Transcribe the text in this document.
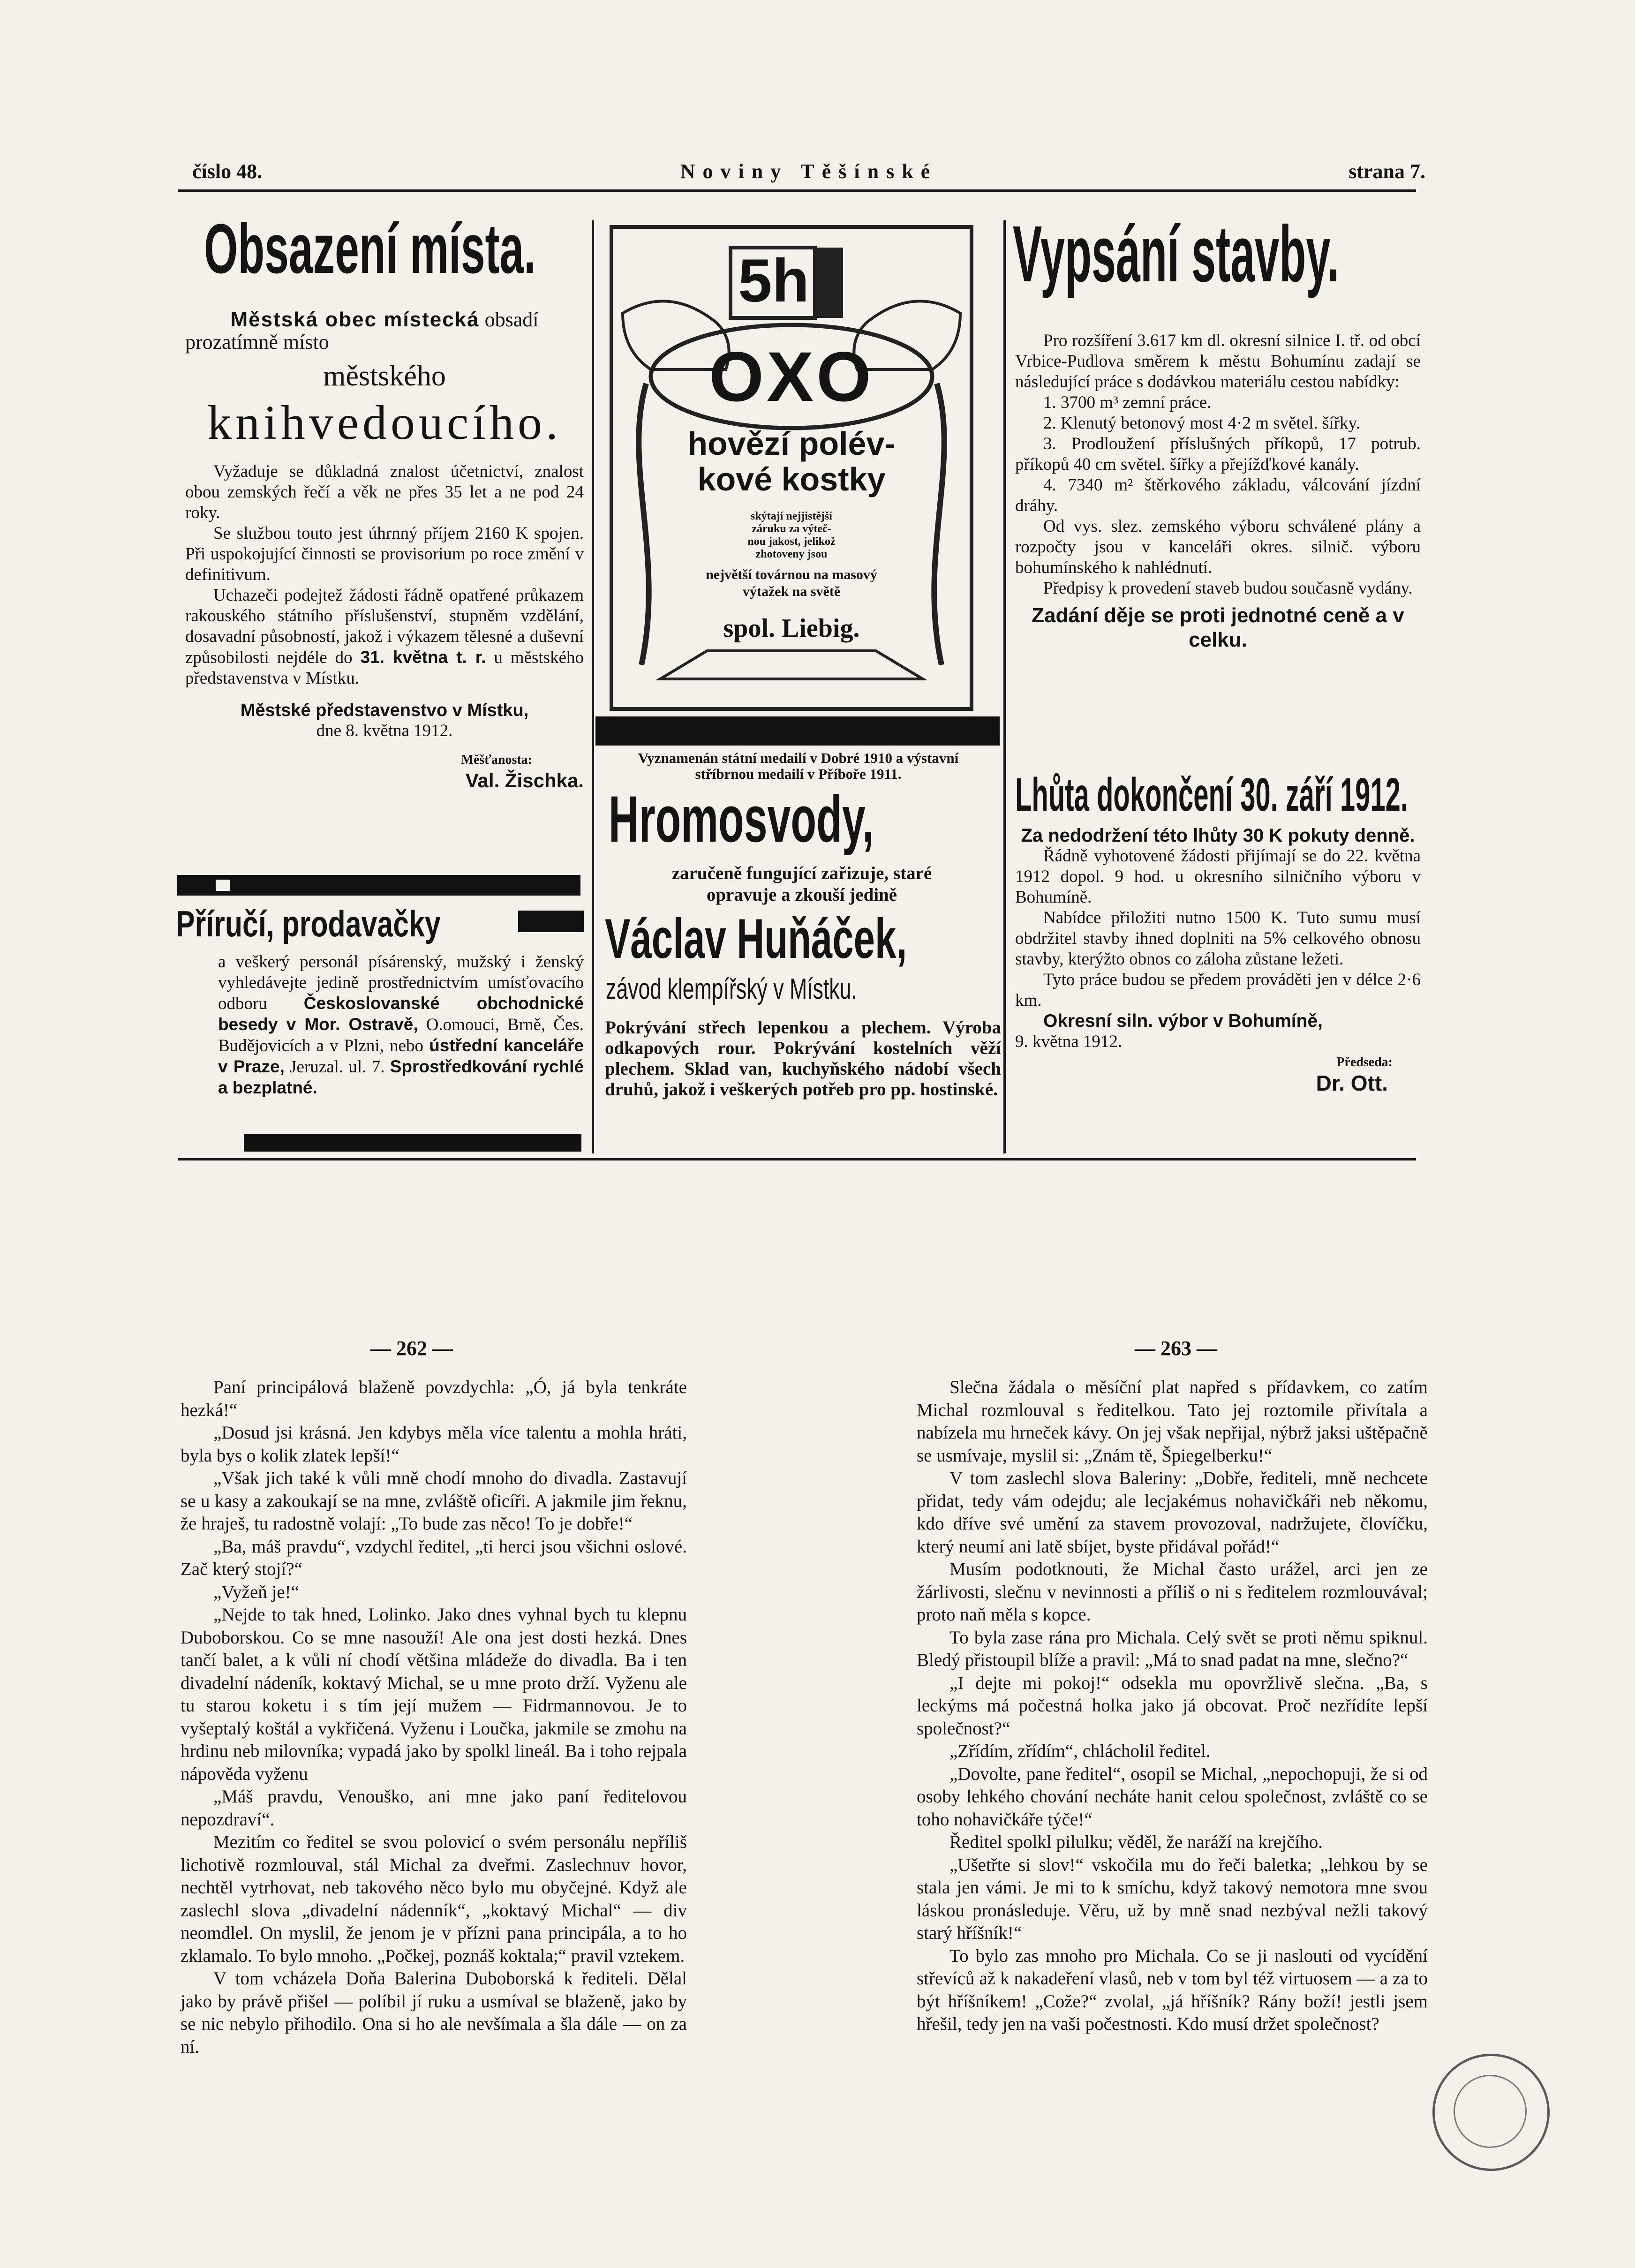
číslo 48.	Noviny Těšínské	strana 7.
Obsazení místa.

Městská obec místecká obsadí

prozatímně místo

městského

knihvedoucího.

Vyžaduje se důkladná znalost účetnictví, znalost obou zemských řečí a věk ne přes 35 let a ne pod 24 roky.

Se službou touto jest úhrnný příjem 2160 K spojen. Při uspokojující činnosti se provisorium po roce změní v definitivum.

Uchazeči podejtež žádosti řádně opatřené průkazem rakouského státního příslušenství, stupněm vzdělání, dosavadní působností, jakož i výkazem tělesné a duševní způsobilosti nejdéle do 31. května t. r. u městského představenstva v Místku.

Městské představenstvo v Místku,

dne 8. května 1912.

Měšťanosta:

Val. Žischka.

Příručí, prodavačky

a veškerý personál písárenský, mužský i ženský vyhledávejte jedině prostřednictvím umísťovacího odboru Českoslovanské obchodnické besedy v Mor. Ostravě, O.omouci, Brně, Čes. Budějovicích a v Plzni, nebo ústřední kanceláře v Praze, Jeruzal. ul. 7. Sprostředkování rychlé a bezplatné.

5h
OXO
hovězí polév-
kové kostky
skýtají nejjistější
záruku za výteč-
nou jakost, jelikož
zhotoveny jsou
největší továrnou na masový
výtažek na světě
spol. Liebig.

Vyznamenán státní medailí v Dobré 1910 a výstavní

stříbrnou medailí v Příboře 1911.

Hromosvody,

zaručeně fungující zařizuje, staré

opravuje a zkouší jedině

Václav Huňáček,
závod klempířský v Místku.

Pokrývání střech lepenkou a plechem. Výroba odkapových rour. Pokrývání kostelních věží plechem. Sklad van, kuchyňského nádobí všech druhů, jakož i veškerých potřeb pro pp. hostinské.

Vypsání stavby.

Pro rozšíření 3.617 km dl. okresní silnice I. tř. od obcí Vrbice-Pudlova směrem k městu Bohumínu zadají se následující práce s dodávkou materiálu cestou nabídky:

1. 3700 m³ zemní práce.

2. Klenutý betonový most 4·2 m světel. šířky.

3. Prodloužení příslušných příkopů, 17 potrub. příkopů 40 cm světel. šířky a přejížďkové kanály.

4. 7340 m² štěrkového základu, válcování jízdní dráhy.

Od vys. slez. zemského výboru schválené plány a rozpočty jsou v kanceláři okres. silnič. výboru bohumínského k nahlédnutí.

Předpisy k provedení staveb budou současně vydány.

Zadání děje se proti jednotné ceně a v celku.

Lhůta dokončení 30. září 1912.

Za nedodržení této lhůty 30 K pokuty denně.

Řádně vyhotovené žádosti přijímají se do 22. května 1912 dopol. 9 hod. u okresního silničního výboru v Bohumíně.

Nabídce přiložiti nutno 1500 K. Tuto sumu musí obdržitel stavby ihned doplniti na 5% celkového obnosu stavby, kterýžto obnos co záloha zůstane ležeti.

Tyto práce budou se předem prováděti jen v délce 2·6 km.

Okresní siln. výbor v Bohumíně,

9. května 1912.

Předseda:

Dr. Ott.

— 262 —	— 263 —

Paní principálová blaženě povzdychla: „Ó, já byla tenkráte hezká!“

„Dosud jsi krásná. Jen kdybys měla více talentu a mohla hráti, byla bys o kolik zlatek lepší!“

„Však jich také k vůli mně chodí mnoho do divadla. Zastavují se u kasy a zakoukají se na mne, zvláště oficíři. A jakmile jim řeknu, že hraješ, tu radostně volají: „To bude zas něco! To je dobře!“

„Ba, máš pravdu“, vzdychl ředitel, „ti herci jsou všichni oslové. Zač který stojí?“

„Vyžeň je!“

„Nejde to tak hned, Lolinko. Jako dnes vyhnal bych tu klepnu Duboborskou. Co se mne nasouží! Ale ona jest dosti hezká. Dnes tančí balet, a k vůli ní chodí většina mládeže do divadla. Ba i ten divadelní nádeník, koktavý Michal, se u mne proto drží. Vyženu ale tu starou koketu i s tím její mužem — Fidrmannovou. Je to vyšeptalý koštál a vykřičená. Vyženu i Loučka, jakmile se zmohu na hrdinu neb milovníka; vypadá jako by spolkl lineál. Ba i toho rejpala nápověda vyženu

„Máš pravdu, Venouško, ani mne jako paní ředitelovou nepozdraví“.

Mezitím co ředitel se svou polovicí o svém personálu nepříliš lichotivě rozmlouval, stál Michal za dveřmi. Zaslechnuv hovor, nechtěl vytrhovat, neb takového něco bylo mu obyčejné. Když ale zaslechl slova „divadelní nádenník“, „koktavý Michal“ — div neomdlel. On myslil, že jenom je v přízni pana principála, a to ho zklamalo. To bylo mnoho. „Počkej, poznáš koktala;“ pravil vztekem.

V tom vcházela Doňa Balerina Duboborská k řediteli. Dělal jako by právě přišel — políbil jí ruku a usmíval se blaženě, jako by se nic nebylo přihodilo. Ona si ho ale nevšímala a šla dále — on za ní.

Slečna žádala o měsíční plat napřed s přídavkem, co zatím Michal rozmlouval s ředitelkou. Tato jej roztomile přivítala a nabízela mu hrneček kávy. On jej však nepřijal, nýbrž jaksi uštěpačně se usmívaje, myslil si: „Znám tě, Špiegelberku!“

V tom zaslechl slova Baleriny: „Dobře, řediteli, mně nechcete přidat, tedy vám odejdu; ale lecjakémus nohavičkáři neb někomu, kdo dříve své umění za stavem provozoval, nadržujete, človíčku, který neumí ani latě sbíjet, byste přidával pořád!“

Musím podotknouti, že Michal často urážel, arci jen ze žárlivosti, slečnu v nevinnosti a příliš o ni s ředitelem rozmlouvával; proto naň měla s kopce.

To byla zase rána pro Michala. Celý svět se proti němu spiknul. Bledý přistoupil blíže a pravil: „Má to snad padat na mne, slečno?“

„I dejte mi pokoj!“ odsekla mu opovržlivě slečna. „Ba, s leckýms má počestná holka jako já obcovat. Proč nezřídíte lepší společnost?“

„Zřídím, zřídím“, chlácholil ředitel.

„Dovolte, pane ředitel“, osopil se Michal, „nepochopuji, že si od osoby lehkého chování necháte hanit celou společnost, zvláště co se toho nohavičkáře týče!“

Ředitel spolkl pilulku; věděl, že naráží na krejčího.

„Ušetřte si slov!“ vskočila mu do řeči baletka; „lehkou by se stala jen vámi. Je mi to k smíchu, když takový nemotora mne svou láskou pronásleduje. Věru, už by mně snad nezbýval nežli takový starý hříšník!“

To bylo zas mnoho pro Michala. Co se ji naslouti od vycídění střevíců až k nakadeření vlasů, neb v tom byl též virtuosem — a za to být hříšníkem! „Cože?“ zvolal, „já hříšník? Rány boží! jestli jsem hřešil, tedy jen na vaši počestnosti. Kdo musí držet společnost?
